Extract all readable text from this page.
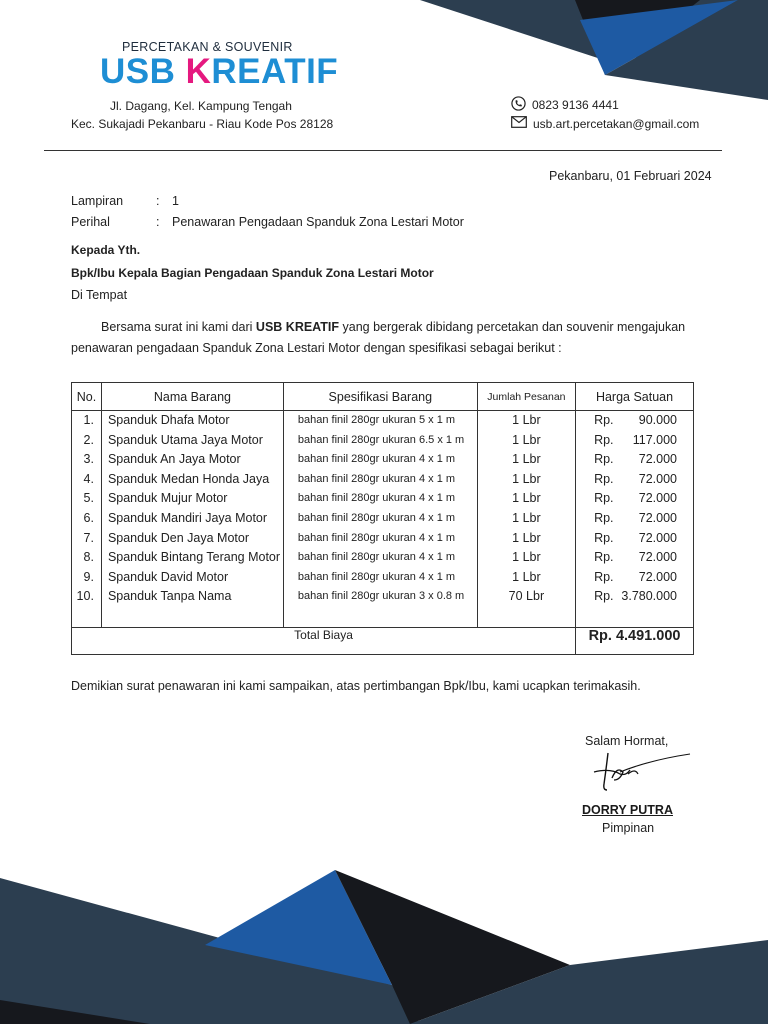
PERCETAKAN & SOUVENIR
USB KREATIF
Jl. Dagang, Kel. Kampung Tengah
Kec. Sukajadi Pekanbaru - Riau Kode Pos 28128
0823 9136 4441
usb.art.percetakan@gmail.com
Pekanbaru, 01 Februari 2024
Lampiran	: 1
Perihal	: Penawaran Pengadaan Spanduk Zona Lestari Motor
Kepada Yth.
Bpk/Ibu Kepala Bagian Pengadaan Spanduk Zona Lestari Motor
Di Tempat
Bersama surat ini kami dari USB KREATIF yang bergerak dibidang percetakan dan souvenir mengajukan
penawaran pengadaan Spanduk Zona Lestari Motor dengan spesifikasi sebagai berikut :
No.	Nama Barang	Spesifikasi Barang	Jumlah Pesanan	Harga Satuan
1.	Spanduk Dhafa Motor	bahan finil 280gr ukuran 5 x 1 m	1 Lbr	Rp. 90.000

2.	Spanduk Utama Jaya Motor	bahan finil 280gr ukuran 6.5 x 1 m	1 Lbr	Rp. 117.000

3.	Spanduk An Jaya Motor	bahan finil 280gr ukuran 4 x 1 m	1 Lbr	Rp. 72.000

4.	Spanduk Medan Honda Jaya	bahan finil 280gr ukuran 4 x 1 m	1 Lbr	Rp. 72.000

5.	Spanduk Mujur Motor	bahan finil 280gr ukuran 4 x 1 m	1 Lbr	Rp. 72.000

6.	Spanduk Mandiri Jaya Motor	bahan finil 280gr ukuran 4 x 1 m	1 Lbr	Rp. 72.000

7.	Spanduk Den Jaya Motor	bahan finil 280gr ukuran 4 x 1 m	1 Lbr	Rp. 72.000

8.	Spanduk Bintang Terang Motor	bahan finil 280gr ukuran 4 x 1 m	1 Lbr	Rp. 72.000

9.	Spanduk David Motor	bahan finil 280gr ukuran 4 x 1 m	1 Lbr	Rp. 72.000

10.	Spanduk Tanpa Nama	bahan finil 280gr ukuran 3 x 0.8 m	70 Lbr	Rp. 3.780.000

Total Biaya				Rp. 4.491.000
Demikian surat penawaran ini kami sampaikan, atas pertimbangan Bpk/Ibu, kami ucapkan terimakasih.
Salam Hormat,
DORRY PUTRA
Pimpinan
